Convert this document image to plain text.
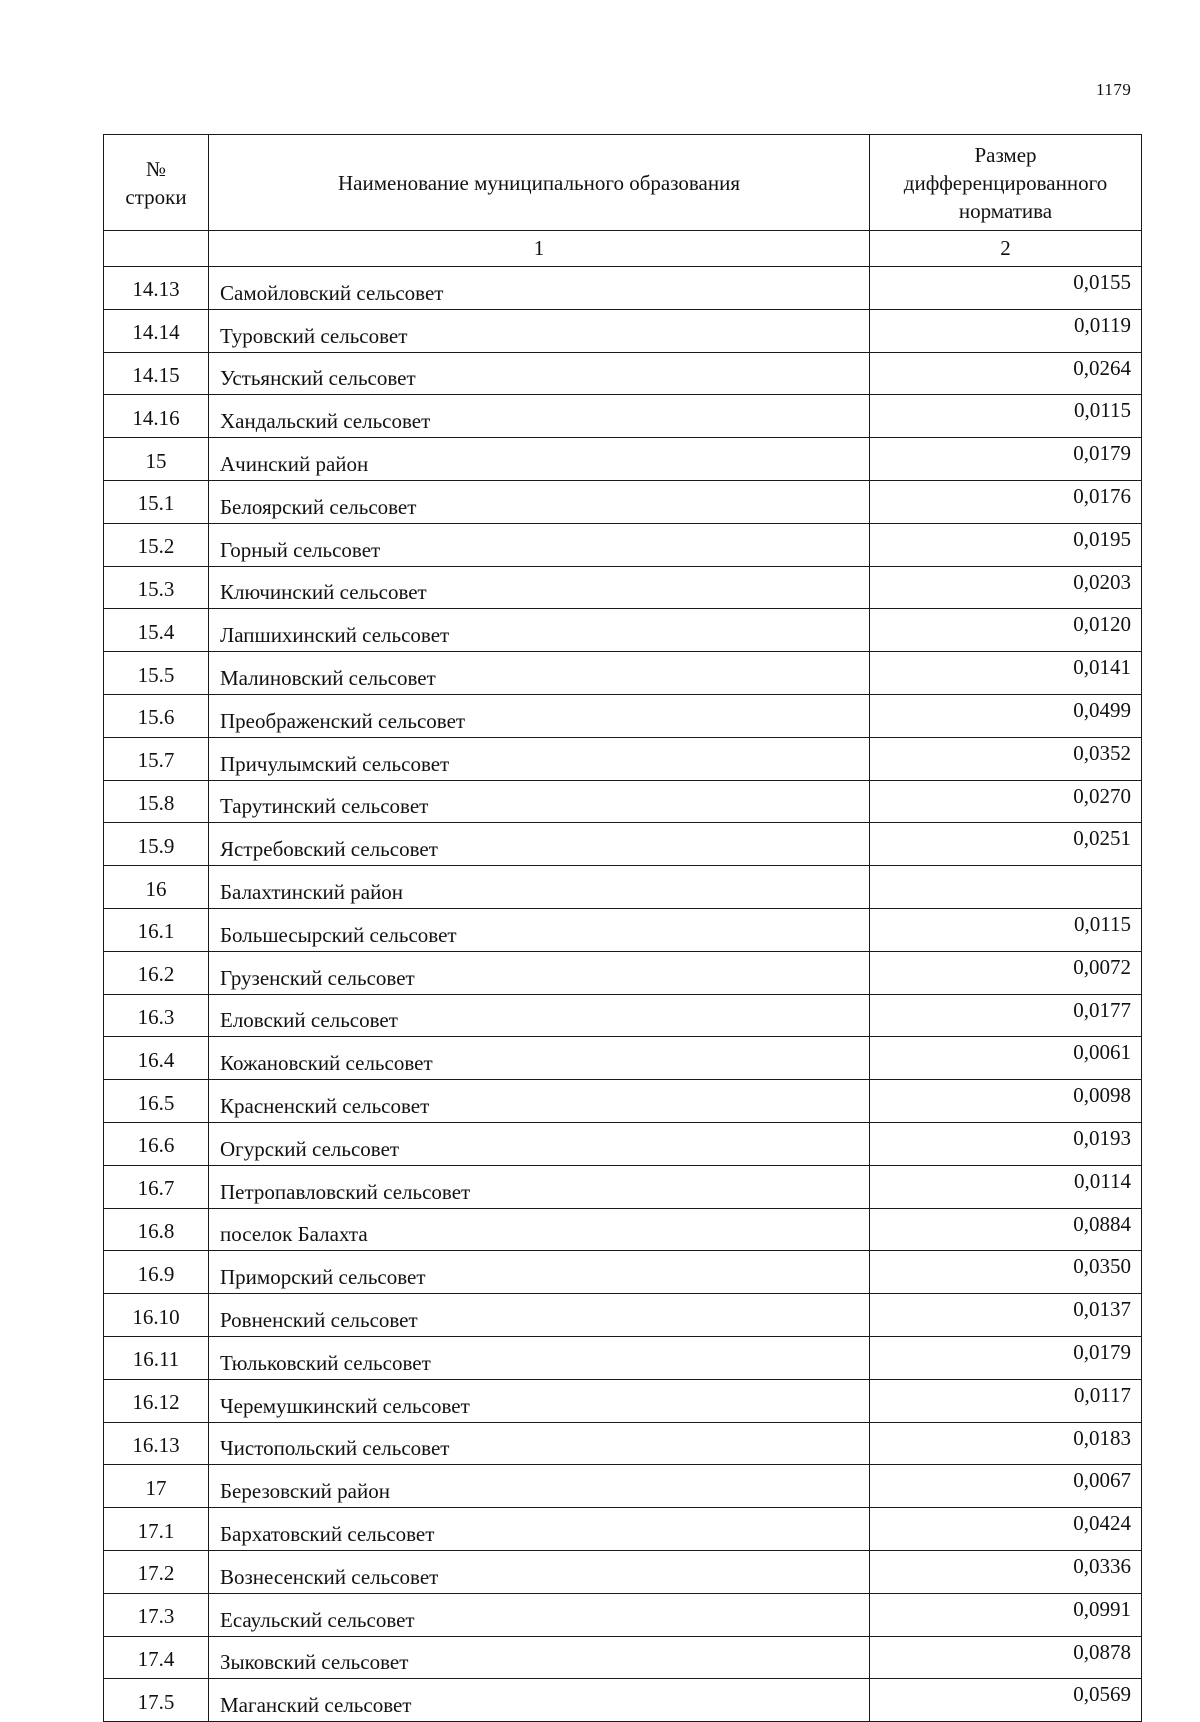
1179
№ строки	Наименование муниципального образования	Размер дифференцированного норматива
	1	2
14.13	Самойловский сельсовет	0,0155
14.14	Туровский сельсовет	0,0119
14.15	Устьянский сельсовет	0,0264
14.16	Хандальский сельсовет	0,0115
15	Ачинский район	0,0179
15.1	Белоярский сельсовет	0,0176
15.2	Горный сельсовет	0,0195
15.3	Ключинский сельсовет	0,0203
15.4	Лапшихинский сельсовет	0,0120
15.5	Малиновский сельсовет	0,0141
15.6	Преображенский сельсовет	0,0499
15.7	Причулымский сельсовет	0,0352
15.8	Тарутинский сельсовет	0,0270
15.9	Ястребовский сельсовет	0,0251
16	Балахтинский район	
16.1	Большесырский сельсовет	0,0115
16.2	Грузенский сельсовет	0,0072
16.3	Еловский сельсовет	0,0177
16.4	Кожановский сельсовет	0,0061
16.5	Красненский сельсовет	0,0098
16.6	Огурский сельсовет	0,0193
16.7	Петропавловский сельсовет	0,0114
16.8	поселок Балахта	0,0884
16.9	Приморский сельсовет	0,0350
16.10	Ровненский сельсовет	0,0137
16.11	Тюльковский сельсовет	0,0179
16.12	Черемушкинский сельсовет	0,0117
16.13	Чистопольский сельсовет	0,0183
17	Березовский район	0,0067
17.1	Бархатовский сельсовет	0,0424
17.2	Вознесенский сельсовет	0,0336
17.3	Есаульский сельсовет	0,0991
17.4	Зыковский сельсовет	0,0878
17.5	Маганский сельсовет	0,0569
